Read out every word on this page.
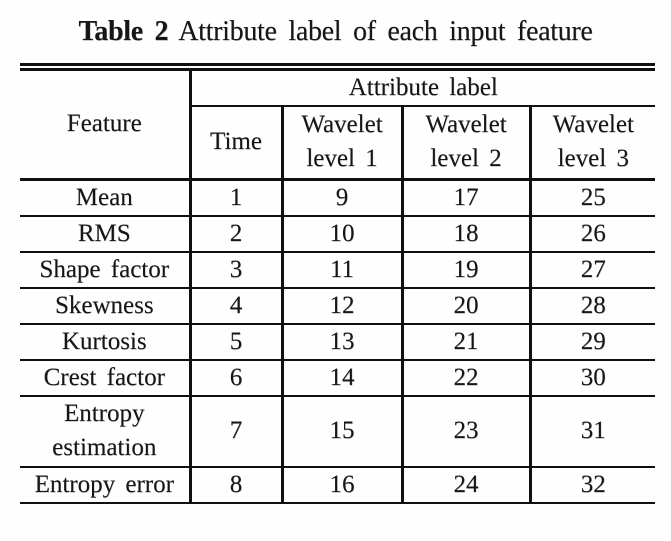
Table 2 Attribute label of each input feature
Feature	Attribute label			
	Time	Wavelet level 1	Wavelet level 2	Wavelet level 3
Mean	1	9	17	25
RMS	2	10	18	26
Shape factor	3	11	19	27
Skewness	4	12	20	28
Kurtosis	5	13	21	29
Crest factor	6	14	22	30
Entropy estimation	7	15	23	31
Entropy error	8	16	24	32
